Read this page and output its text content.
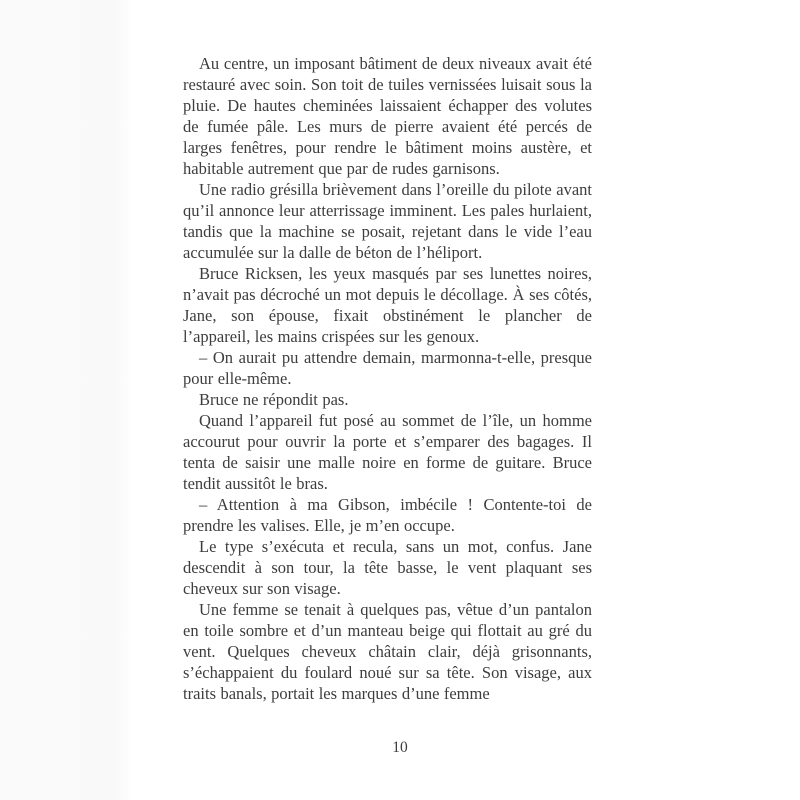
Au centre, un imposant bâtiment de deux niveaux avait été restauré avec soin. Son toit de tuiles vernissées luisait sous la pluie. De hautes cheminées laissaient échapper des volutes de fumée pâle. Les murs de pierre avaient été percés de larges fenêtres, pour rendre le bâtiment moins austère, et habitable autrement que par de rudes garnisons.

Une radio grésilla brièvement dans l’oreille du pilote avant qu’il annonce leur atterrissage imminent. Les pales hurlaient, tandis que la machine se posait, rejetant dans le vide l’eau accumulée sur la dalle de béton de l’héliport.

Bruce Ricksen, les yeux masqués par ses lunettes noires, n’avait pas décroché un mot depuis le décollage. À ses côtés, Jane, son épouse, fixait obstinément le plancher de l’appareil, les mains crispées sur les genoux.

– On aurait pu attendre demain, marmonna-t-elle, presque pour elle-même.

Bruce ne répondit pas.

Quand l’appareil fut posé au sommet de l’île, un homme accourut pour ouvrir la porte et s’emparer des bagages. Il tenta de saisir une malle noire en forme de guitare. Bruce tendit aussitôt le bras.

– Attention à ma Gibson, imbécile ! Contente-toi de prendre les valises. Elle, je m’en occupe.

Le type s’exécuta et recula, sans un mot, confus. Jane descendit à son tour, la tête basse, le vent plaquant ses cheveux sur son visage.

Une femme se tenait à quelques pas, vêtue d’un pantalon en toile sombre et d’un manteau beige qui flottait au gré du vent. Quelques cheveux châtain clair, déjà grisonnants, s’échappaient du foulard noué sur sa tête. Son visage, aux traits banals, portait les marques d’une femme

10
